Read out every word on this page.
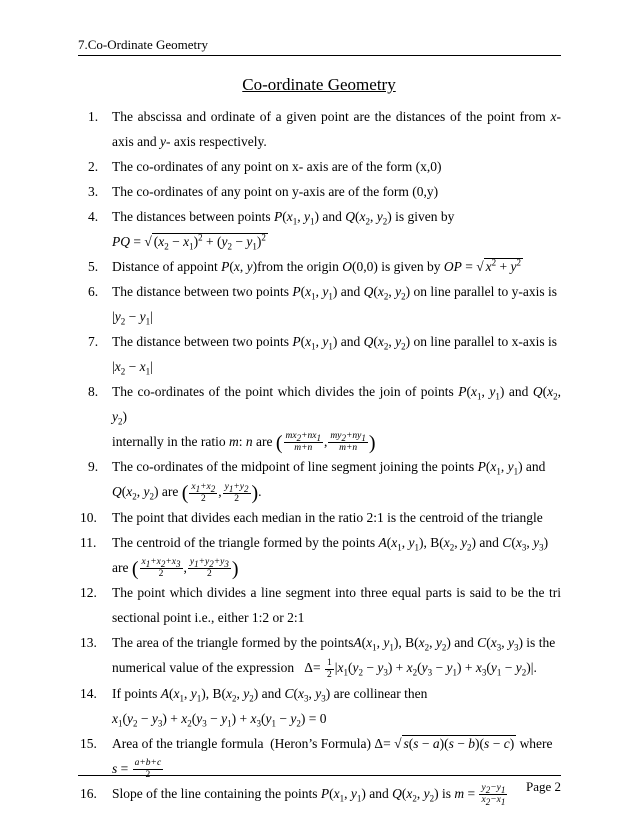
7.Co-Ordinate Geometry
Co-ordinate Geometry
1. The abscissa and ordinate of a given point are the distances of the point from x- axis and y- axis respectively.
2. The co-ordinates of any point on x- axis are of the form (x,0)
3. The co-ordinates of any point on y-axis are of the form (0,y)
4. The distances between points $P(x_1$, $y_1$) and $Q(x_2$, $y_2$) is given by
PQ = √ $(x_2 - x_1)^2 + (y_2 - y_1)^2$
5. Distance of appoint P(x, y)from the origin O(0,0) is given by OP = √ $x^2 + y^2$
6. The distance between two points $P(x_1$, $y_1$) and $Q(x_2$, $y_2$) on line parallel to y-axis is
$|y_2 - y_1|$
7. The distance between two points $P(x_1$, $y_1$) and $Q(x_2$, $y_2$) on line parallel to x-axis is
$|x_2 - x_1|$
8. The co-ordinates of the point which divides the join of points $P(x_1$, $y_1$) and $Q(x_2$, $y_2$)
internally in the ratio m: n are ( $\frac{mx_2+nx_1}{m+n}$ , $\frac{my_2+ny_1}{m+n}$ )
9. The co-ordinates of the midpoint of line segment joining the points $P(x_1$, $y_1$) and
$Q(x_2$, $y_2$) are ( $\frac{x_1+x_2}{2}$ , $\frac{y_1+y_2}{2}$ ).
10. The point that divides each median in the ratio 2:1 is the centroid of the triangle
11. The centroid of the triangle formed by the points $A(x_1$, $y_1$), $B(x_2$, $y_2$) and $C(x_3$, $y_3$)
are ( $\frac{x_1+x_2+x_3}{2}$ , $\frac{y_1+y_2+y_3}{2}$ )
12. The point which divides a line segment into three equal parts is said to be the tri sectional point i.e., either 1:2 or 2:1
13. The area of the triangle formed by the $pointsA(x_1$, $y_1$), $B(x_2$, $y_2$) and $C(x_3$, $y_3$) is the
numerical value of the expression   $\Delta= \frac{1}{2} |x_1(y_2 - y_3) + x_2(y_3 - y_1) + x_3(y_1 - y_2)|$.
14. If points $A(x_1$, $y_1$), $B(x_2$, $y_2$) and $C(x_3$, $y_3$) are collinear then
$x_1(y_2 - y_3) + x_2(y_3 - y_1) + x_3(y_1 - y_2) = 0$
15. Area of the triangle formula  (Heron’s Formula) Δ= √ s(s − a)(s − b)(s − c) where
$s = \frac{a+b+c}{2}$
16. Slope of the line containing the points $P(x_1$, $y_1$) and $Q(x_2$, $y_2$) is $m = \frac{y_2-y_1}{x_2-x_1}$	Page 2
